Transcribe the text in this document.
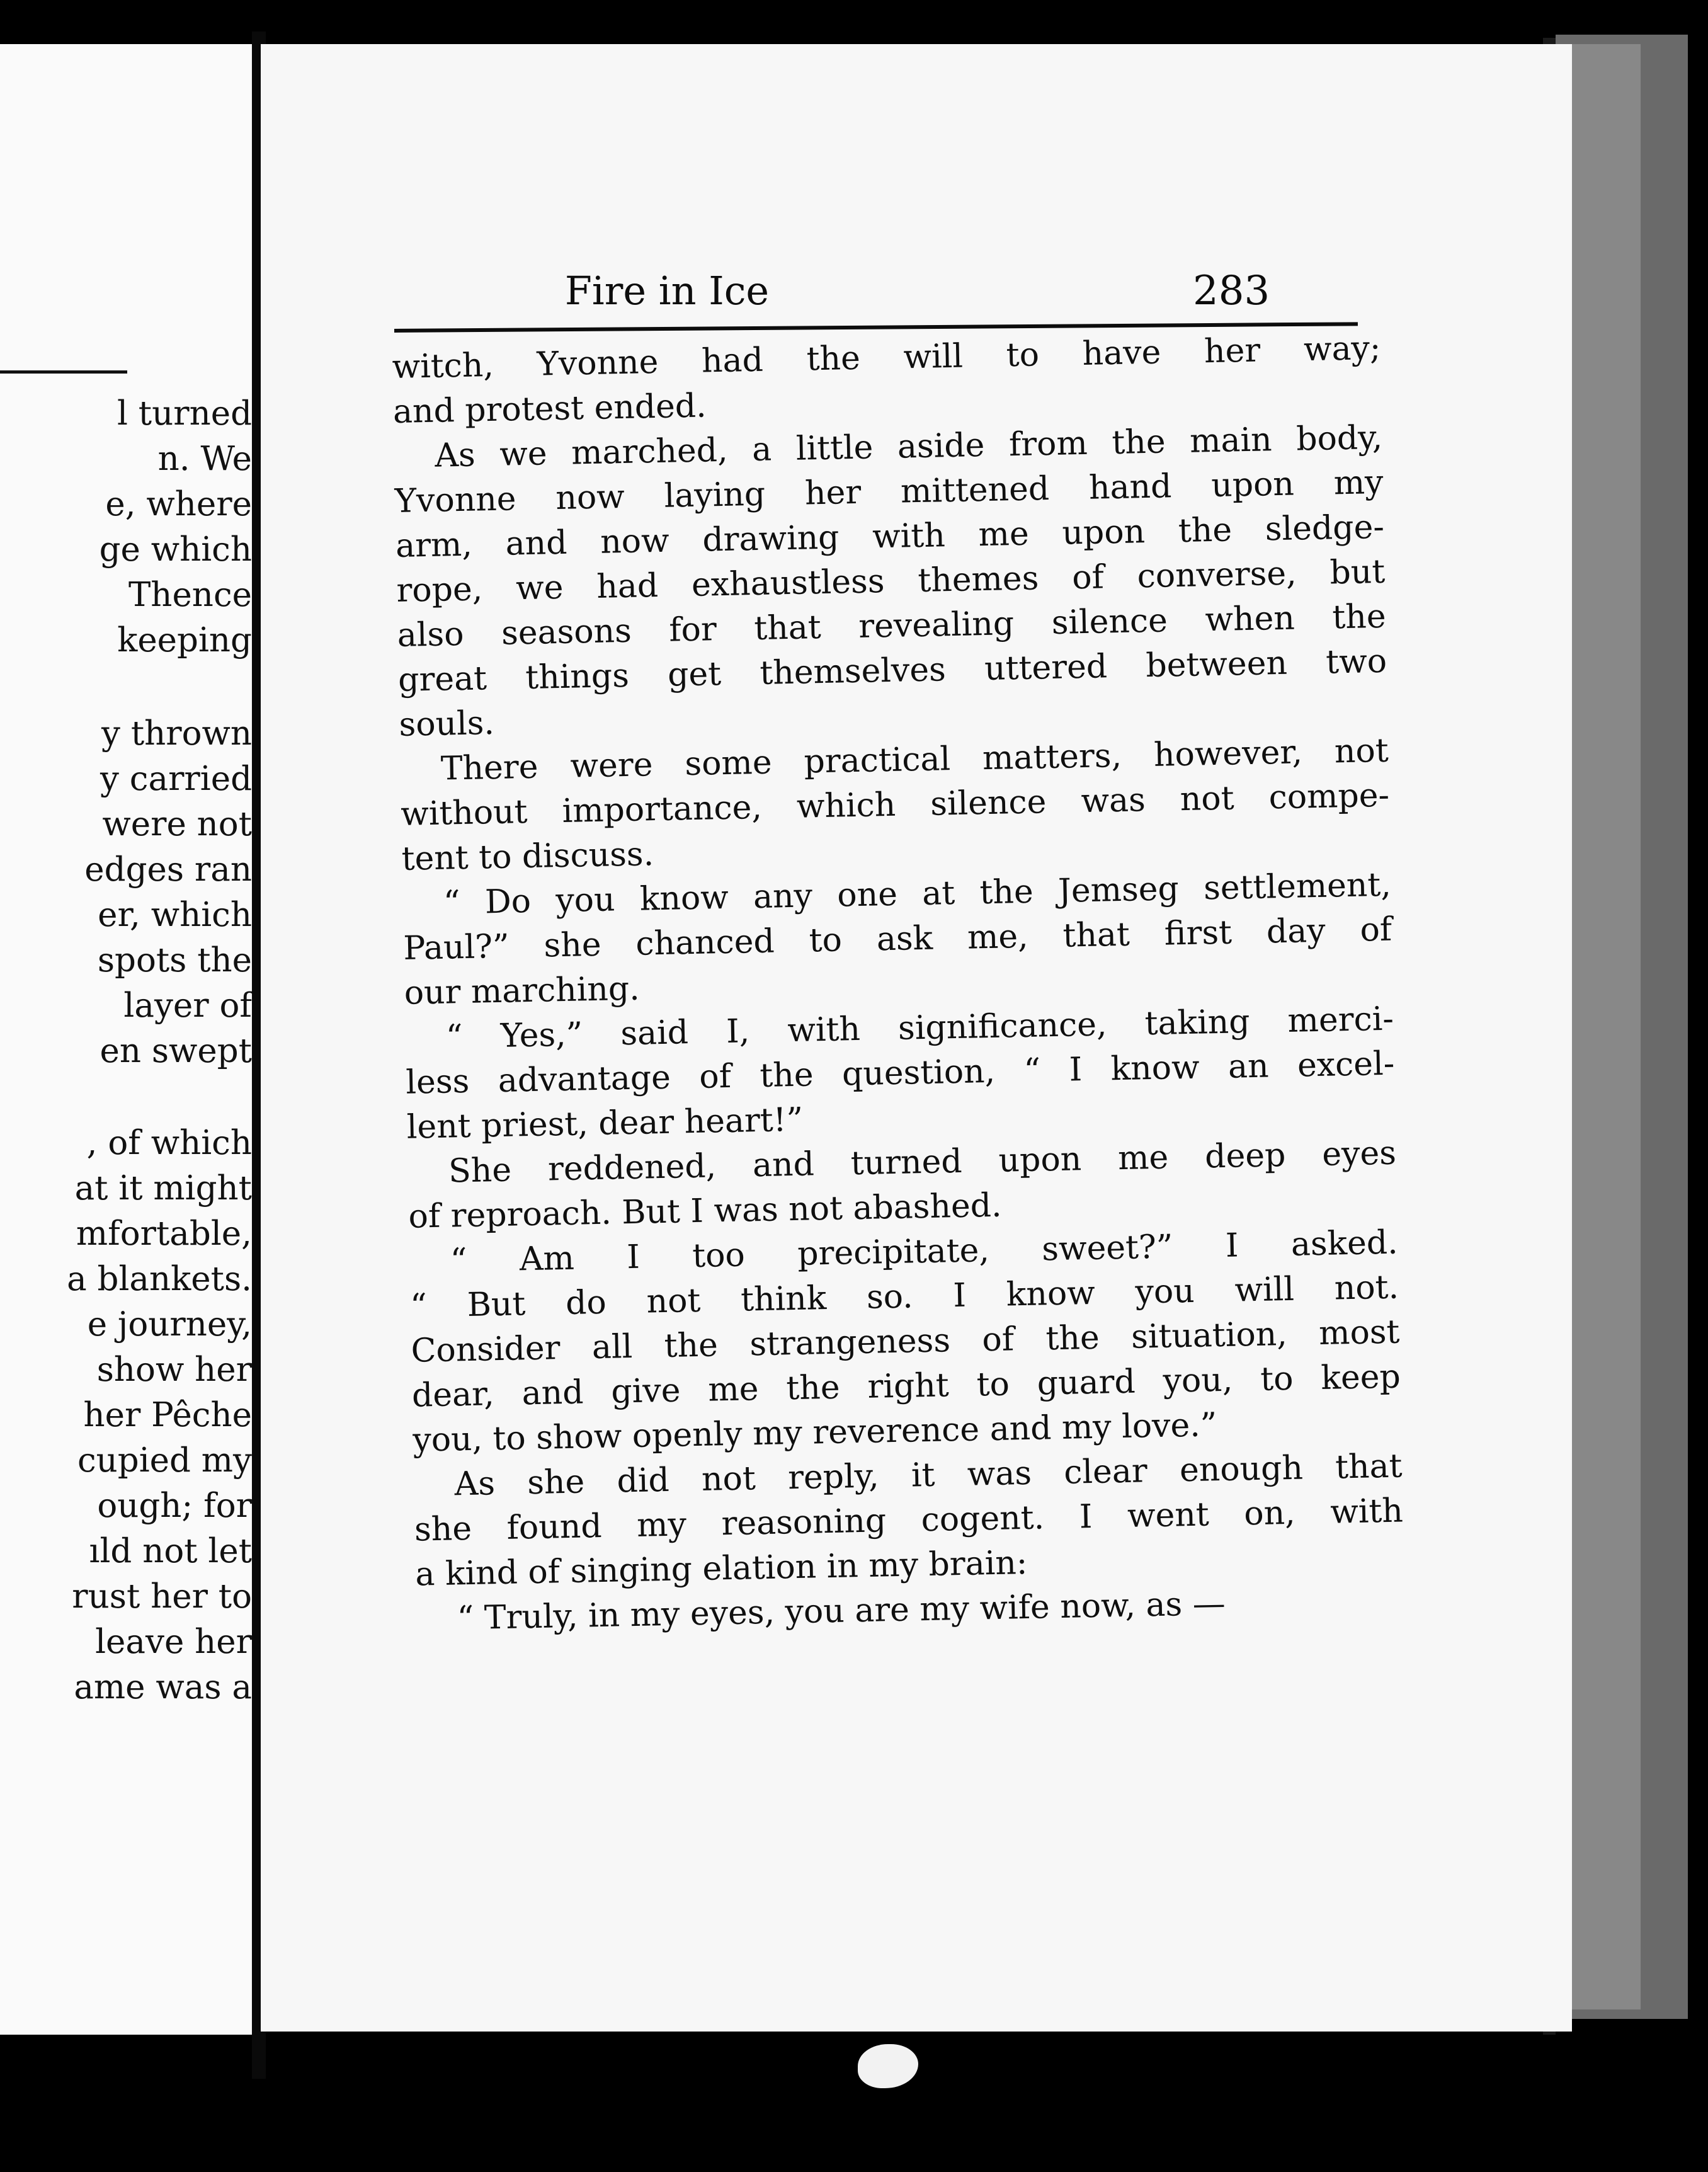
l turned
n. We
e, where
ge which
Thence
keeping
y thrown
y carried
were not
edges ran
er, which
spots the
layer of
en swept
, of which
at it might
mfortable,
a blankets.
e journey,
show her
her Pêche
cupied my
ough; for
ıld not let
rust her to
leave her
ame was a
Fire in Ice	283
witch, Yvonne had the will to have her way;
and protest ended.
As we marched, a little aside from the main body,
Yvonne now laying her mittened hand upon my
arm, and now drawing with me upon the sledge-
rope, we had exhaustless themes of converse, but
also seasons for that revealing silence when the
great things get themselves uttered between two
souls.
There were some practical matters, however, not
without importance, which silence was not compe-
tent to discuss.
“ Do you know any one at the Jemseg settlement,
Paul?” she chanced to ask me, that first day of
our marching.
“ Yes,” said I, with significance, taking merci-
less advantage of the question, “ I know an excel-
lent priest, dear heart!”
She reddened, and turned upon me deep eyes
of reproach. But I was not abashed.
“ Am I too precipitate, sweet?” I asked.
“ But do not think so. I know you will not.
Consider all the strangeness of the situation, most
dear, and give me the right to guard you, to keep
you, to show openly my reverence and my love.”
As she did not reply, it was clear enough that
she found my reasoning cogent. I went on, with
a kind of singing elation in my brain:
“ Truly, in my eyes, you are my wife now, as —
